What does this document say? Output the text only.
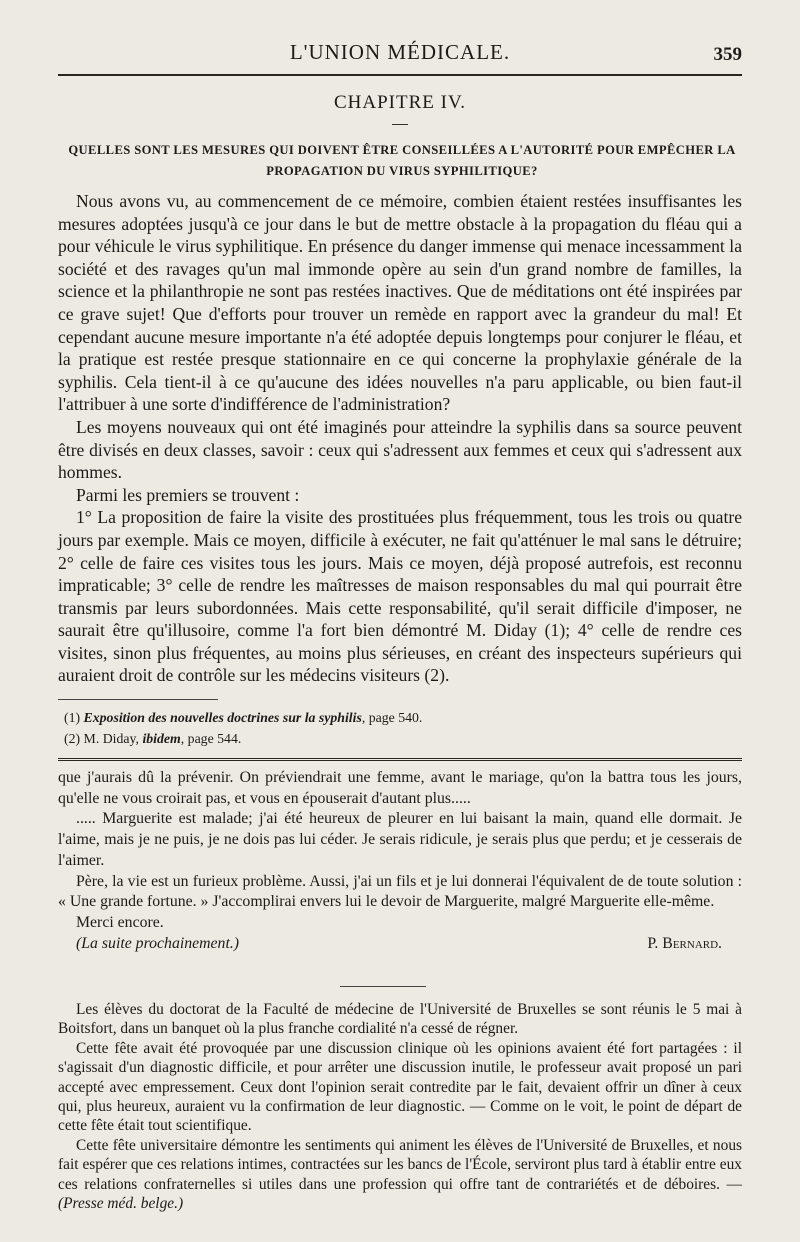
L'UNION MÉDICALE.	359
CHAPITRE IV.
QUELLES SONT LES MESURES QUI DOIVENT ÊTRE CONSEILLÉES A L'AUTORITÉ POUR EMPÊCHER LA PROPAGATION DU VIRUS SYPHILITIQUE?

Nous avons vu, au commencement de ce mémoire, combien étaient restées insuffisantes les mesures adoptées jusqu'à ce jour dans le but de mettre obstacle à la propagation du fléau qui a pour véhicule le virus syphilitique. En présence du danger immense qui menace incessamment la société et des ravages qu'un mal immonde opère au sein d'un grand nombre de familles, la science et la philanthropie ne sont pas restées inactives. Que de méditations ont été inspirées par ce grave sujet! Que d'efforts pour trouver un remède en rapport avec la grandeur du mal! Et cependant aucune mesure importante n'a été adoptée depuis longtemps pour conjurer le fléau, et la pratique est restée presque stationnaire en ce qui concerne la prophylaxie générale de la syphilis. Cela tient-il à ce qu'aucune des idées nouvelles n'a paru applicable, ou bien faut-il l'attribuer à une sorte d'indifférence de l'administration?

Les moyens nouveaux qui ont été imaginés pour atteindre la syphilis dans sa source peuvent être divisés en deux classes, savoir : ceux qui s'adressent aux femmes et ceux qui s'adressent aux hommes.

Parmi les premiers se trouvent :

1° La proposition de faire la visite des prostituées plus fréquemment, tous les trois ou quatre jours par exemple. Mais ce moyen, difficile à exécuter, ne fait qu'atténuer le mal sans le détruire; 2° celle de faire ces visites tous les jours. Mais ce moyen, déjà proposé autrefois, est reconnu impraticable; 3° celle de rendre les maîtresses de maison responsables du mal qui pourrait être transmis par leurs subordonnées. Mais cette responsabilité, qu'il serait difficile d'imposer, ne saurait être qu'illusoire, comme l'a fort bien démontré M. Diday (1); 4° celle de rendre ces visites, sinon plus fréquentes, au moins plus sérieuses, en créant des inspecteurs supérieurs qui auraient droit de contrôle sur les médecins visiteurs (2).

(1) Exposition des nouvelles doctrines sur la syphilis, page 540.
(2) M. Diday, ibidem, page 544.

que j'aurais dû la prévenir. On préviendrait une femme, avant le mariage, qu'on la battra tous les jours, qu'elle ne vous croirait pas, et vous en épouserait d'autant plus.....

..... Marguerite est malade; j'ai été heureux de pleurer en lui baisant la main, quand elle dormait. Je l'aime, mais je ne puis, je ne dois pas lui céder. Je serais ridicule, je serais plus que perdu; et je cesserais de l'aimer.

Père, la vie est un furieux problème. Aussi, j'ai un fils et je lui donnerai l'équivalent de de toute solution : « Une grande fortune. » J'accomplirai envers lui le devoir de Marguerite, malgré Marguerite elle-même.

Merci encore.

(La suite prochainement.)	P. Bernard.

Les élèves du doctorat de la Faculté de médecine de l'Université de Bruxelles se sont réunis le 5 mai à Boitsfort, dans un banquet où la plus franche cordialité n'a cessé de régner.

Cette fête avait été provoquée par une discussion clinique où les opinions avaient été fort partagées : il s'agissait d'un diagnostic difficile, et pour arrêter une discussion inutile, le professeur avait proposé un pari accepté avec empressement. Ceux dont l'opinion serait contredite par le fait, devaient offrir un dîner à ceux qui, plus heureux, auraient vu la confirmation de leur diagnostic. — Comme on le voit, le point de départ de cette fête était tout scientifique.

Cette fête universitaire démontre les sentiments qui animent les élèves de l'Université de Bruxelles, et nous fait espérer que ces relations intimes, contractées sur les bancs de l'École, serviront plus tard à établir entre eux ces relations confraternelles si utiles dans une profession qui offre tant de contrariétés et de déboires. — (Presse méd. belge.)
